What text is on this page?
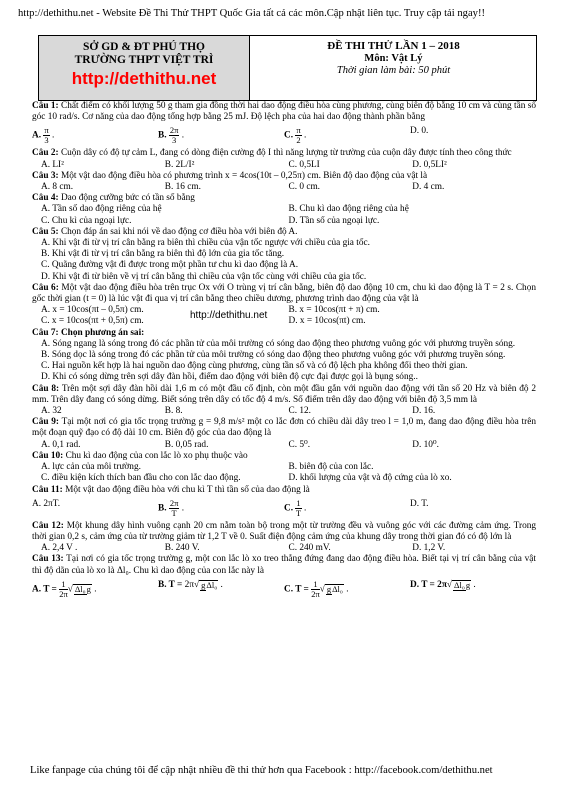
http://dethithu.net - Website Đề Thi Thử THPT Quốc Gia tất cả các môn.Cập nhật liên tục. Truy cập tải ngay!!
SỞ GD & ĐT PHÚ THỌ
TRƯỜNG THPT VIỆT TRÌ
http://dethithu.net
ĐỀ THI THỬ LẦN 1 – 2018
Môn: Vật Lý
Thời gian làm bài: 50 phút
Câu 1: Chất điểm có khối lượng 50 g tham gia đồng thời hai dao động điều hòa cùng phương, cùng biên độ bằng 10 cm và cùng tần số góc 10 rad/s. Cơ năng của dao động tổng hợp bằng 25 mJ. Độ lệch pha của hai dao động thành phần bằng
A. $\frac{\pi}{3}$ .	B. $\frac{2\pi}{3}$ .	C. $\frac{\pi}{2}$ .	D. 0.
Câu 2: Cuộn dây có độ tự cảm L, đang có dòng điện cường độ I thì năng lượng từ trường của cuộn dây được tính theo công thức
A. LI²	B. 2L/I²	C. 0,5LI	D. 0,5LI²
Câu 3: Một vật dao động điều hòa có phương trình x = 4cos(10t – 0,25π) cm. Biên độ dao động của vật là
A. 8 cm.	B. 16 cm.	C. 0 cm.	D. 4 cm.
Câu 4: Dao động cưỡng bức có tần số bằng
A. Tần số dao động riêng của hệ	B. Chu kì dao động riêng của hệ
C. Chu kì của ngoại lực.	D. Tần số của ngoại lực.
Câu 5: Chọn đáp án sai khi nói về dao động cơ điều hòa với biên độ A.
A. Khi vật đi từ vị trí cân bằng ra biên thì chiều của vận tốc ngược với chiều của gia tốc.
B. Khi vật đi từ vị trí cân bằng ra biên thì độ lớn của gia tốc tăng.
C. Quãng đường vật đi được trong một phần tư chu kì dao động là A.
D. Khi vật đi từ biên về vị trí cân bằng thì chiều của vận tốc cùng với chiều của gia tốc.
Câu 6: Một vật dao động điều hòa trên trục Ox với O trùng vị trí cân bằng, biên độ dao động 10 cm, chu kì dao động là T = 2 s. Chọn gốc thời gian (t = 0) là lúc vật đi qua vị trí cân bằng theo chiều dương, phương trình dao động của vật là
A. x = 10cos(πt – 0,5π) cm.	B. x = 10cos(πt + π) cm.
C. x = 10cos(πt + 0,5π) cm.	D. x = 10cos(πt) cm.
http://dethithu.net
Câu 7: Chọn phương án sai:
A. Sóng ngang là sóng trong đó các phần tử của môi trường có sóng dao động theo phương vuông góc với phương truyền sóng.
B. Sóng dọc là sóng trong đó các phần tử của môi trường có sóng dao động theo phương vuông góc với phương truyền sóng.
C. Hai nguồn kết hợp là hai nguồn dao động cùng phương, cùng tần số và có độ lệch pha không đổi theo thời gian.
D. Khi có sóng dừng trên sợi dây đàn hồi, điểm dao động với biên độ cực đại được gọi là bụng sóng..
Câu 8: Trên một sợi dây đàn hồi dài 1,6 m có một đầu cố định, còn một đầu gắn với nguồn dao động với tần số 20 Hz và biên độ 2 mm. Trên dây đang có sóng dừng. Biết sóng trên dây có tốc độ 4 m/s. Số điểm trên dây dao động với biên độ 3,5 mm là
A. 32	B. 8.	C. 12.	D. 16.
Câu 9: Tại một nơi có gia tốc trọng trường g = 9,8 m/s² một co lắc đơn có chiều dài dây treo l = 1,0 m, đang dao động điều hòa trên một đoạn quỹ đạo có độ dài 10 cm. Biên độ góc của dao động là
A. 0,1 rad.	B. 0,05 rad.	C. 5⁰.	D. 10⁰.
Câu 10: Chu kì dao động của con lắc lò xo phụ thuộc vào
A. lực cản của môi trường.	B. biên độ của con lắc.
C. điều kiện kích thích ban đầu cho con lắc dao động.	D. khối lượng của vật và độ cứng của lò xo.
Câu 11: Một vật dao động điều hòa với chu kì T thì tần số của dao động là
A. 2πT.	B. $\frac{2\pi}{T}$ .	C. $\frac{1}{T}$ .	D. T.
Câu 12: Một khung dây hình vuông cạnh 20 cm nằm toàn bộ trong một từ trường đều và vuông góc với các đường cảm ứng. Trong thời gian 0,2 s, cảm ứng của từ trường giảm từ 1,2 T về 0. Suất điện động cảm ứng của khung dây trong thời gian đó có độ lớn là
A. 2,4 V .	B. 240 V.	C. 240 mV.	D. 1,2 V.
Câu 13: Tại nơi có gia tốc trọng trường g, một con lắc lò xo treo thẳng đứng đang dao động điều hòa. Biết tại vị trí cân bằng của vật thì độ dãn của lò xo là Δl₀. Chu kì dao động của con lắc này là
A. $T = \frac{1}{2\pi}$ √ Δl₀g .	B. T = 2π√ gΔl₀ .	C. $T = \frac{1}{2\pi}$ √ gΔl₀ .	D. T = 2π√ Δl₀g .
Like fanpage của chúng tôi để cập nhật nhiều đề thi thử hơn qua Facebook : http://facebook.com/dethithu.net
